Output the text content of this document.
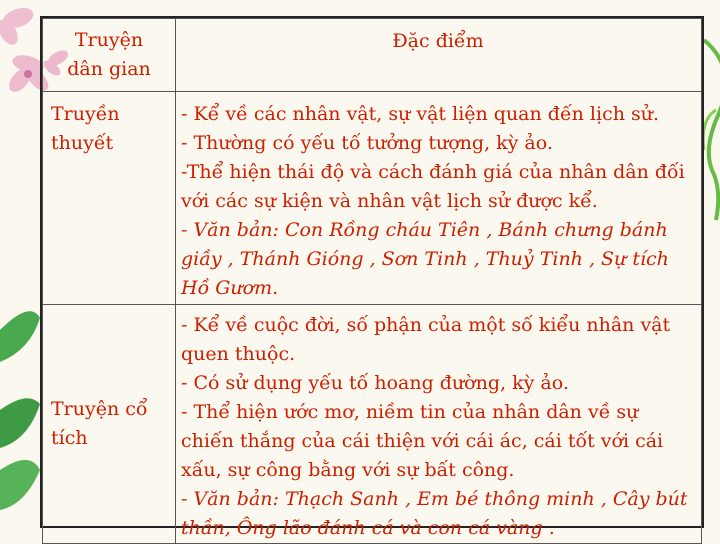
Truyện
dân gian	Đặc điểm

Truyền
thuyết	- Kể về các nhân vật, sự vật liện quan đến lịch sử.
- Thường có yếu tố tưởng tượng, kỳ ảo.
-Thể hiện thái độ và cách đánh giá của nhân dân đối với các sự kiện và nhân vật lịch sử được kể.
- Văn bản: Con Rồng cháu Tiên , Bánh chưng bánh giầy , Thánh Gióng , Sơn Tinh , Thuỷ Tinh , Sự tích Hồ Gươm.

Truyện cổ
tích	- Kể về cuộc đời, số phận của một số kiểu nhân vật quen thuộc.
- Có sử dụng yếu tố hoang đường, kỳ ảo.
- Thể hiện ước mơ, niềm tin của nhân dân về sự chiến thắng của cái thiện với cái ác, cái tốt với cái xấu, sự công bằng với sự bất công.
- Văn bản: Thạch Sanh , Em bé thông minh , Cây bút thần, Ông lão đánh cá và con cá vàng .
